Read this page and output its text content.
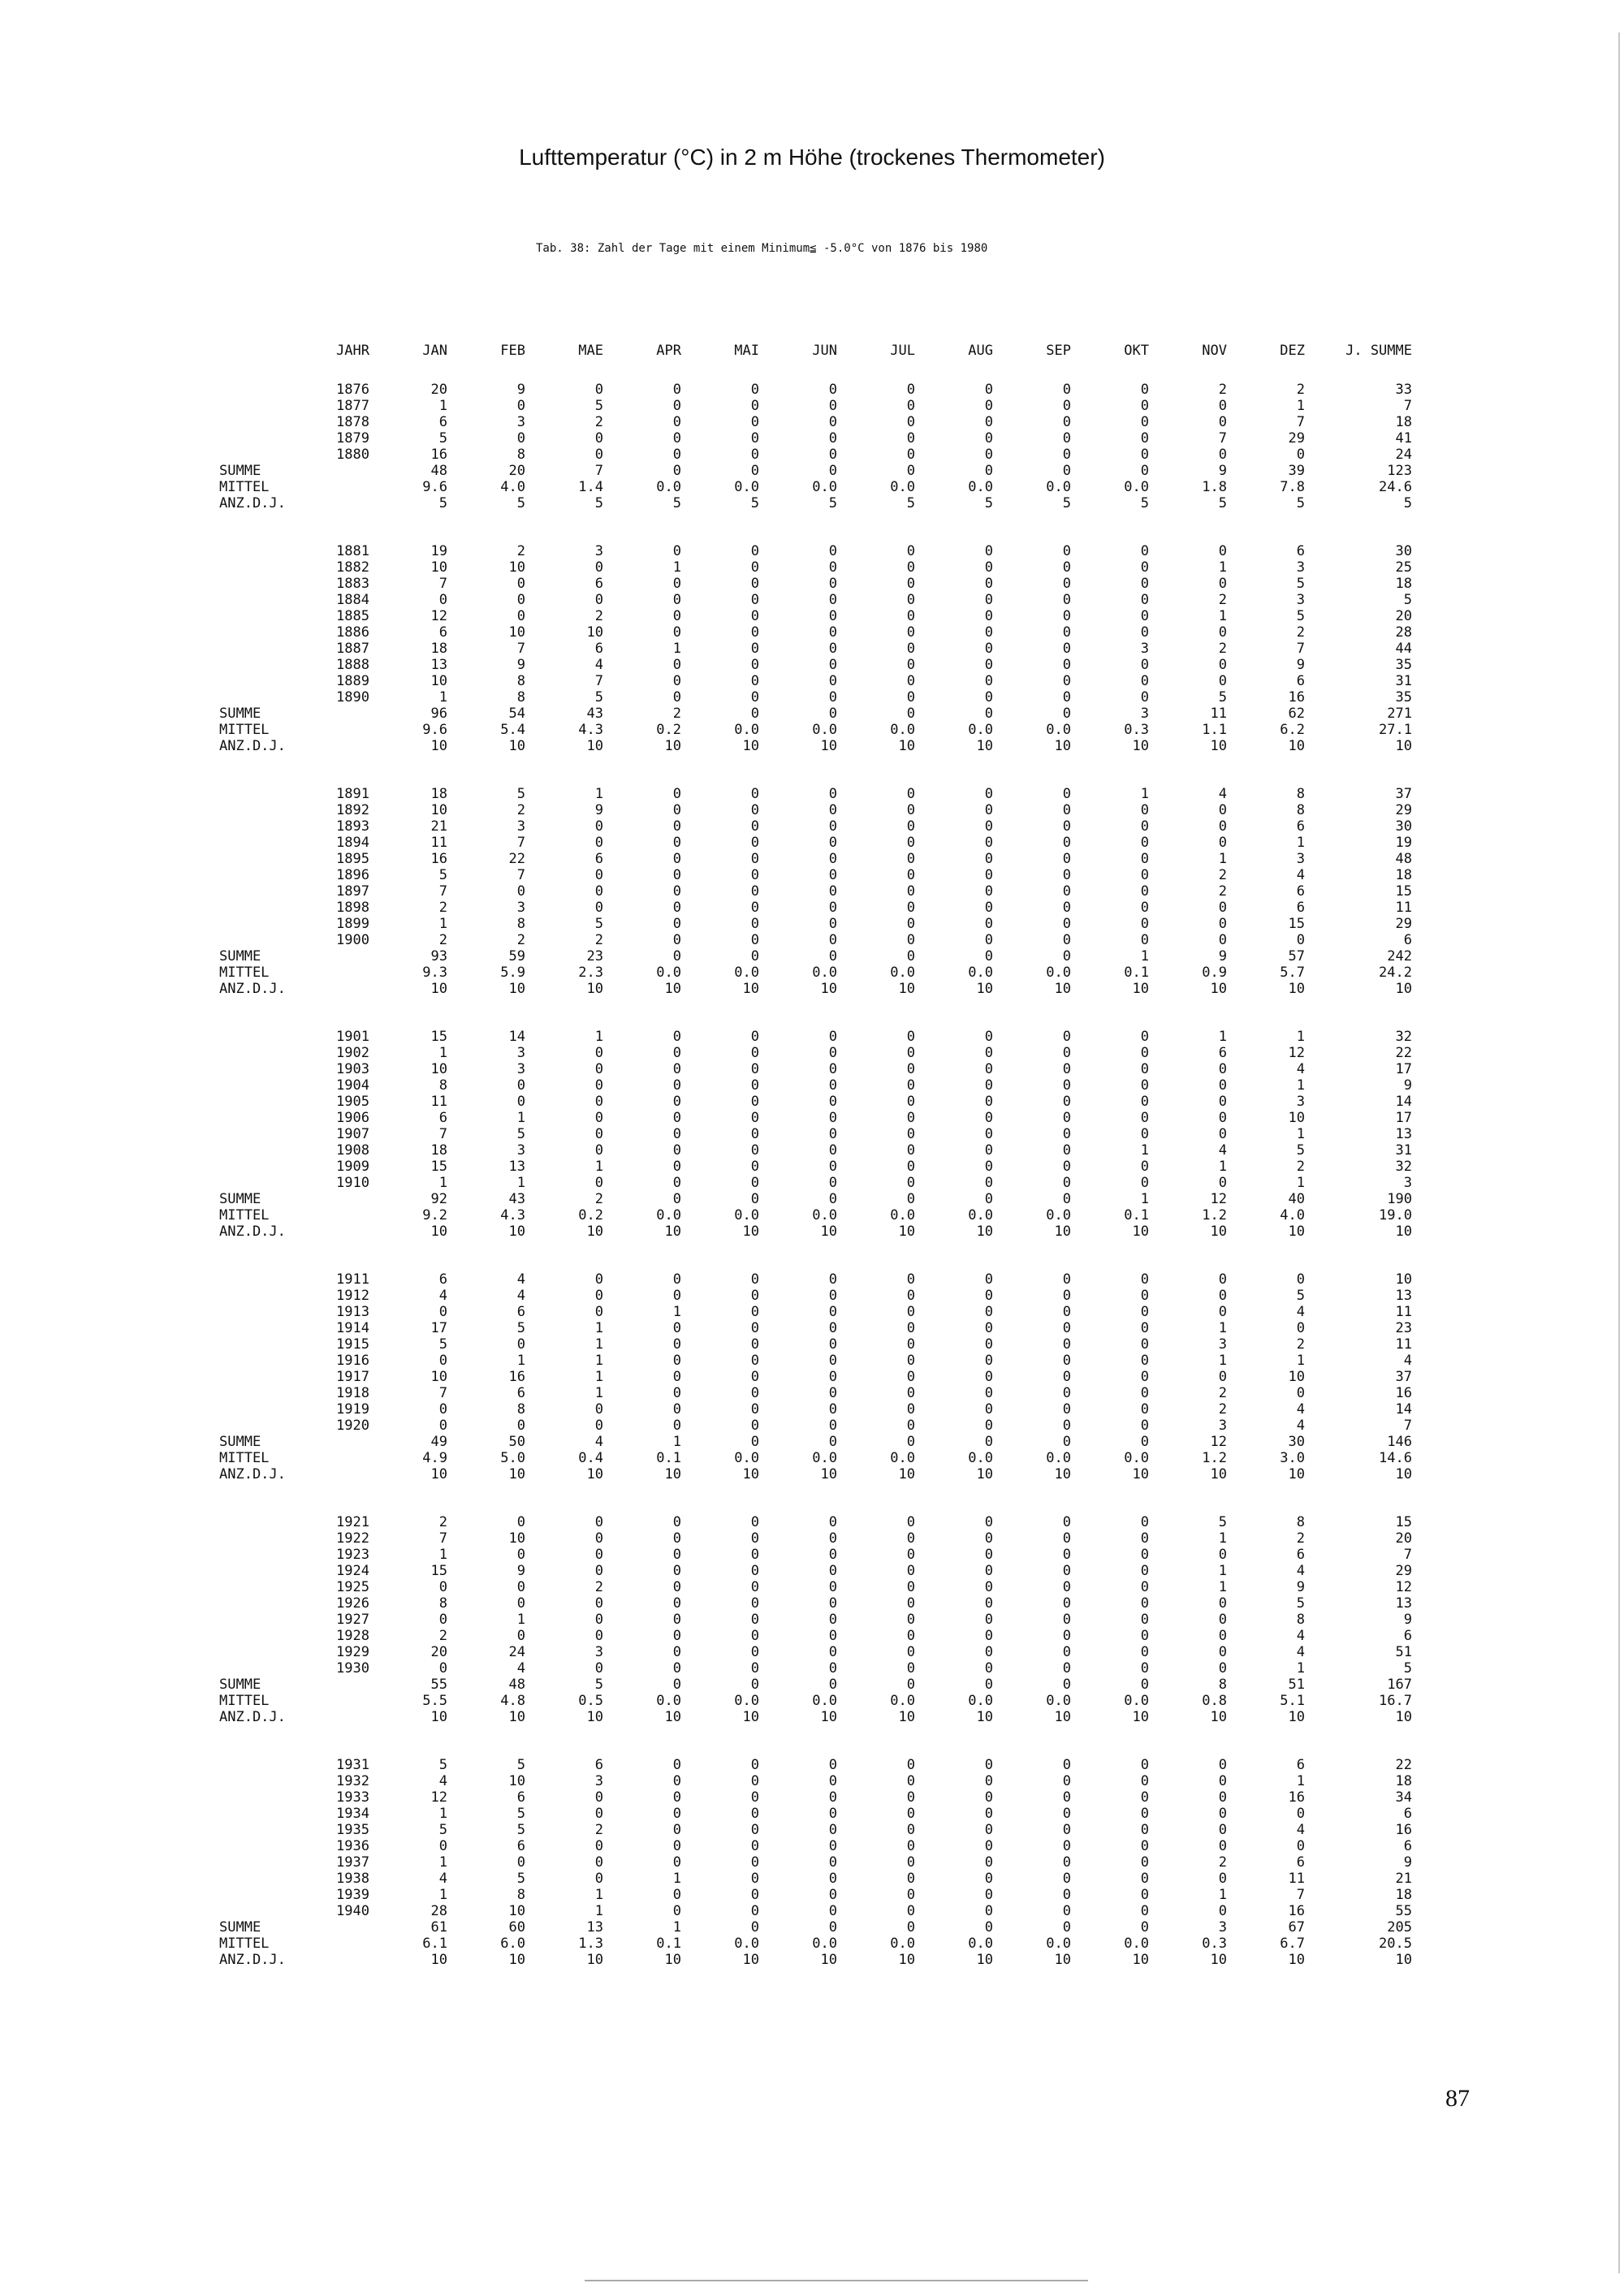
Lufttemperatur (°C) in 2 m Höhe (trockenes Thermometer)
Tab. 38: Zahl der Tage mit einem Minimum≦ -5.0°C von 1876 bis 1980
	JAHR	JAN	FEB	MAE	APR	MAI	JUN	JUL	AUG	SEP	OKT	NOV	DEZ	J. SUMME

	1876	20	9	0	0	0	0	0	0	0	0	2	2	33
	1877	1	0	5	0	0	0	0	0	0	0	0	1	7
	1878	6	3	2	0	0	0	0	0	0	0	0	7	18
	1879	5	0	0	0	0	0	0	0	0	0	7	29	41
	1880	16	8	0	0	0	0	0	0	0	0	0	0	24
SUMME		48	20	7	0	0	0	0	0	0	0	9	39	123
MITTEL		9.6	4.0	1.4	0.0	0.0	0.0	0.0	0.0	0.0	0.0	1.8	7.8	24.6
ANZ.D.J.		5	5	5	5	5	5	5	5	5	5	5	5	5

	1881	19	2	3	0	0	0	0	0	0	0	0	6	30
	1882	10	10	0	1	0	0	0	0	0	0	1	3	25
	1883	7	0	6	0	0	0	0	0	0	0	0	5	18
	1884	0	0	0	0	0	0	0	0	0	0	2	3	5
	1885	12	0	2	0	0	0	0	0	0	0	1	5	20
	1886	6	10	10	0	0	0	0	0	0	0	0	2	28
	1887	18	7	6	1	0	0	0	0	0	3	2	7	44
	1888	13	9	4	0	0	0	0	0	0	0	0	9	35
	1889	10	8	7	0	0	0	0	0	0	0	0	6	31
	1890	1	8	5	0	0	0	0	0	0	0	5	16	35
SUMME		96	54	43	2	0	0	0	0	0	3	11	62	271
MITTEL		9.6	5.4	4.3	0.2	0.0	0.0	0.0	0.0	0.0	0.3	1.1	6.2	27.1
ANZ.D.J.		10	10	10	10	10	10	10	10	10	10	10	10	10

	1891	18	5	1	0	0	0	0	0	0	1	4	8	37
	1892	10	2	9	0	0	0	0	0	0	0	0	8	29
	1893	21	3	0	0	0	0	0	0	0	0	0	6	30
	1894	11	7	0	0	0	0	0	0	0	0	0	1	19
	1895	16	22	6	0	0	0	0	0	0	0	1	3	48
	1896	5	7	0	0	0	0	0	0	0	0	2	4	18
	1897	7	0	0	0	0	0	0	0	0	0	2	6	15
	1898	2	3	0	0	0	0	0	0	0	0	0	6	11
	1899	1	8	5	0	0	0	0	0	0	0	0	15	29
	1900	2	2	2	0	0	0	0	0	0	0	0	0	6
SUMME		93	59	23	0	0	0	0	0	0	1	9	57	242
MITTEL		9.3	5.9	2.3	0.0	0.0	0.0	0.0	0.0	0.0	0.1	0.9	5.7	24.2
ANZ.D.J.		10	10	10	10	10	10	10	10	10	10	10	10	10

	1901	15	14	1	0	0	0	0	0	0	0	1	1	32
	1902	1	3	0	0	0	0	0	0	0	0	6	12	22
	1903	10	3	0	0	0	0	0	0	0	0	0	4	17
	1904	8	0	0	0	0	0	0	0	0	0	0	1	9
	1905	11	0	0	0	0	0	0	0	0	0	0	3	14
	1906	6	1	0	0	0	0	0	0	0	0	0	10	17
	1907	7	5	0	0	0	0	0	0	0	0	0	1	13
	1908	18	3	0	0	0	0	0	0	0	1	4	5	31
	1909	15	13	1	0	0	0	0	0	0	0	1	2	32
	1910	1	1	0	0	0	0	0	0	0	0	0	1	3
SUMME		92	43	2	0	0	0	0	0	0	1	12	40	190
MITTEL		9.2	4.3	0.2	0.0	0.0	0.0	0.0	0.0	0.0	0.1	1.2	4.0	19.0
ANZ.D.J.		10	10	10	10	10	10	10	10	10	10	10	10	10

	1911	6	4	0	0	0	0	0	0	0	0	0	0	10
	1912	4	4	0	0	0	0	0	0	0	0	0	5	13
	1913	0	6	0	1	0	0	0	0	0	0	0	4	11
	1914	17	5	1	0	0	0	0	0	0	0	1	0	23
	1915	5	0	1	0	0	0	0	0	0	0	3	2	11
	1916	0	1	1	0	0	0	0	0	0	0	1	1	4
	1917	10	16	1	0	0	0	0	0	0	0	0	10	37
	1918	7	6	1	0	0	0	0	0	0	0	2	0	16
	1919	0	8	0	0	0	0	0	0	0	0	2	4	14
	1920	0	0	0	0	0	0	0	0	0	0	3	4	7
SUMME		49	50	4	1	0	0	0	0	0	0	12	30	146
MITTEL		4.9	5.0	0.4	0.1	0.0	0.0	0.0	0.0	0.0	0.0	1.2	3.0	14.6
ANZ.D.J.		10	10	10	10	10	10	10	10	10	10	10	10	10

	1921	2	0	0	0	0	0	0	0	0	0	5	8	15
	1922	7	10	0	0	0	0	0	0	0	0	1	2	20
	1923	1	0	0	0	0	0	0	0	0	0	0	6	7
	1924	15	9	0	0	0	0	0	0	0	0	1	4	29
	1925	0	0	2	0	0	0	0	0	0	0	1	9	12
	1926	8	0	0	0	0	0	0	0	0	0	0	5	13
	1927	0	1	0	0	0	0	0	0	0	0	0	8	9
	1928	2	0	0	0	0	0	0	0	0	0	0	4	6
	1929	20	24	3	0	0	0	0	0	0	0	0	4	51
	1930	0	4	0	0	0	0	0	0	0	0	0	1	5
SUMME		55	48	5	0	0	0	0	0	0	0	8	51	167
MITTEL		5.5	4.8	0.5	0.0	0.0	0.0	0.0	0.0	0.0	0.0	0.8	5.1	16.7
ANZ.D.J.		10	10	10	10	10	10	10	10	10	10	10	10	10

	1931	5	5	6	0	0	0	0	0	0	0	0	6	22
	1932	4	10	3	0	0	0	0	0	0	0	0	1	18
	1933	12	6	0	0	0	0	0	0	0	0	0	16	34
	1934	1	5	0	0	0	0	0	0	0	0	0	0	6
	1935	5	5	2	0	0	0	0	0	0	0	0	4	16
	1936	0	6	0	0	0	0	0	0	0	0	0	0	6
	1937	1	0	0	0	0	0	0	0	0	0	2	6	9
	1938	4	5	0	1	0	0	0	0	0	0	0	11	21
	1939	1	8	1	0	0	0	0	0	0	0	1	7	18
	1940	28	10	1	0	0	0	0	0	0	0	0	16	55
SUMME		61	60	13	1	0	0	0	0	0	0	3	67	205
MITTEL		6.1	6.0	1.3	0.1	0.0	0.0	0.0	0.0	0.0	0.0	0.3	6.7	20.5
ANZ.D.J.		10	10	10	10	10	10	10	10	10	10	10	10	10
87
